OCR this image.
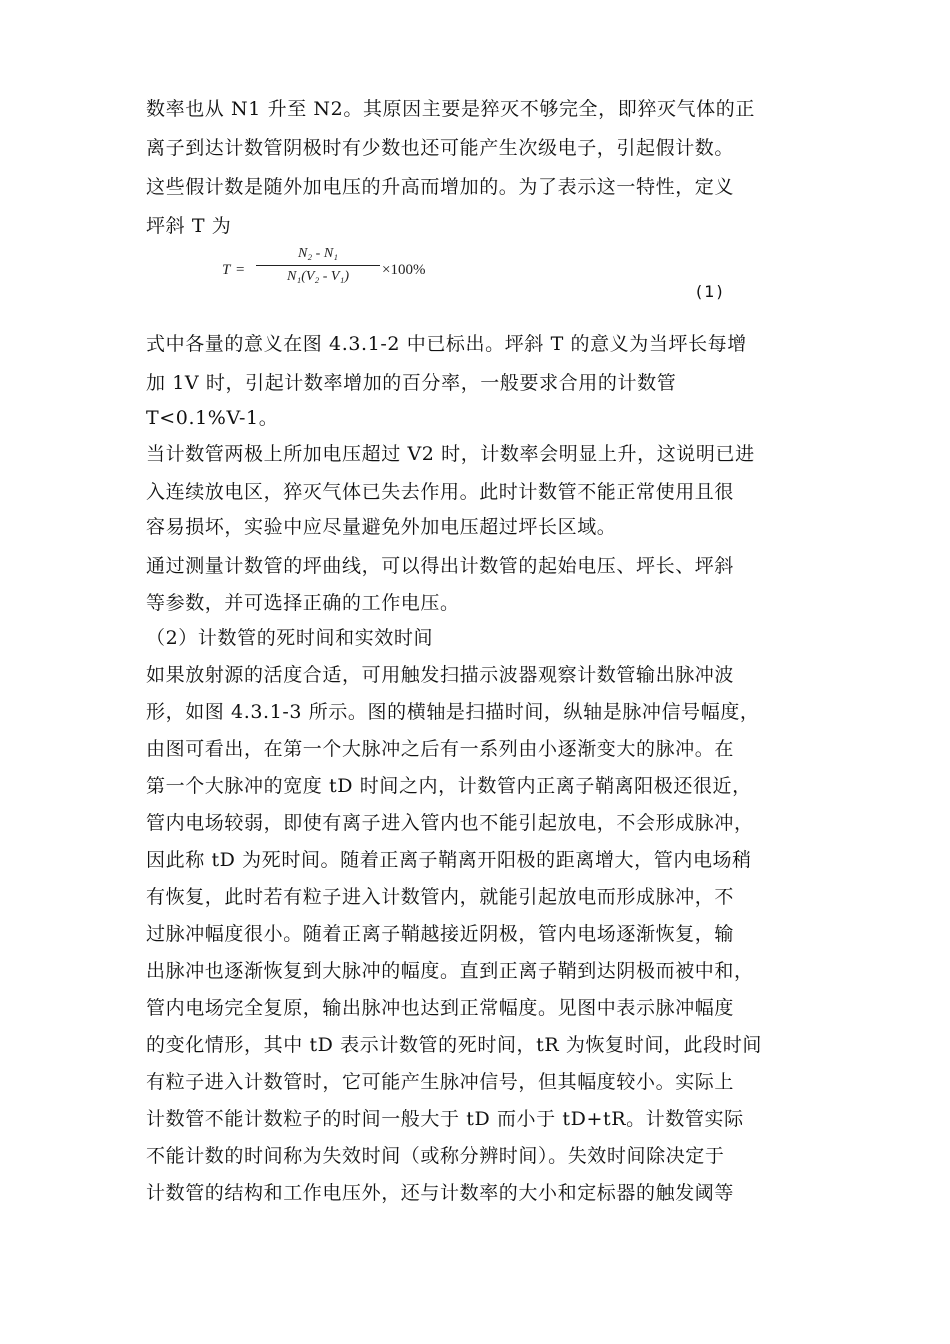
数率也从 N1 升至 N2。其原因主要是猝灭不够完全，即猝灭气体的正
离子到达计数管阴极时有少数也还可能产生次级电子，引起假计数。
这些假计数是随外加电压的升高而增加的。为了表示这一特性，定义
坪斜 T 为
T =
N₂ - N₁
N₁(V₂ - V₁)	×100%
(1)
式中各量的意义在图 4.3.1-2 中已标出。坪斜 T 的意义为当坪长每增
加 1V 时，引起计数率增加的百分率，一般要求合用的计数管
T<0.1%V-1。
当计数管两极上所加电压超过 V2 时，计数率会明显上升，这说明已进
入连续放电区，猝灭气体已失去作用。此时计数管不能正常使用且很
容易损坏，实验中应尽量避免外加电压超过坪长区域。
通过测量计数管的坪曲线，可以得出计数管的起始电压、坪长、坪斜
等参数，并可选择正确的工作电压。
（2）计数管的死时间和实效时间
如果放射源的活度合适，可用触发扫描示波器观察计数管输出脉冲波
形，如图 4.3.1-3 所示。图的横轴是扫描时间，纵轴是脉冲信号幅度，
由图可看出，在第一个大脉冲之后有一系列由小逐渐变大的脉冲。在
第一个大脉冲的宽度 tD 时间之内，计数管内正离子鞘离阳极还很近，
管内电场较弱，即使有离子进入管内也不能引起放电，不会形成脉冲，
因此称 tD 为死时间。随着正离子鞘离开阳极的距离增大，管内电场稍
有恢复，此时若有粒子进入计数管内，就能引起放电而形成脉冲，不
过脉冲幅度很小。随着正离子鞘越接近阴极，管内电场逐渐恢复，输
出脉冲也逐渐恢复到大脉冲的幅度。直到正离子鞘到达阴极而被中和，
管内电场完全复原，输出脉冲也达到正常幅度。见图中表示脉冲幅度
的变化情形，其中 tD 表示计数管的死时间，tR 为恢复时间，此段时间
有粒子进入计数管时，它可能产生脉冲信号，但其幅度较小。实际上
计数管不能计数粒子的时间一般大于 tD 而小于 tD+tR。计数管实际
不能计数的时间称为失效时间（或称分辨时间）。失效时间除决定于
计数管的结构和工作电压外，还与计数率的大小和定标器的触发阈等
